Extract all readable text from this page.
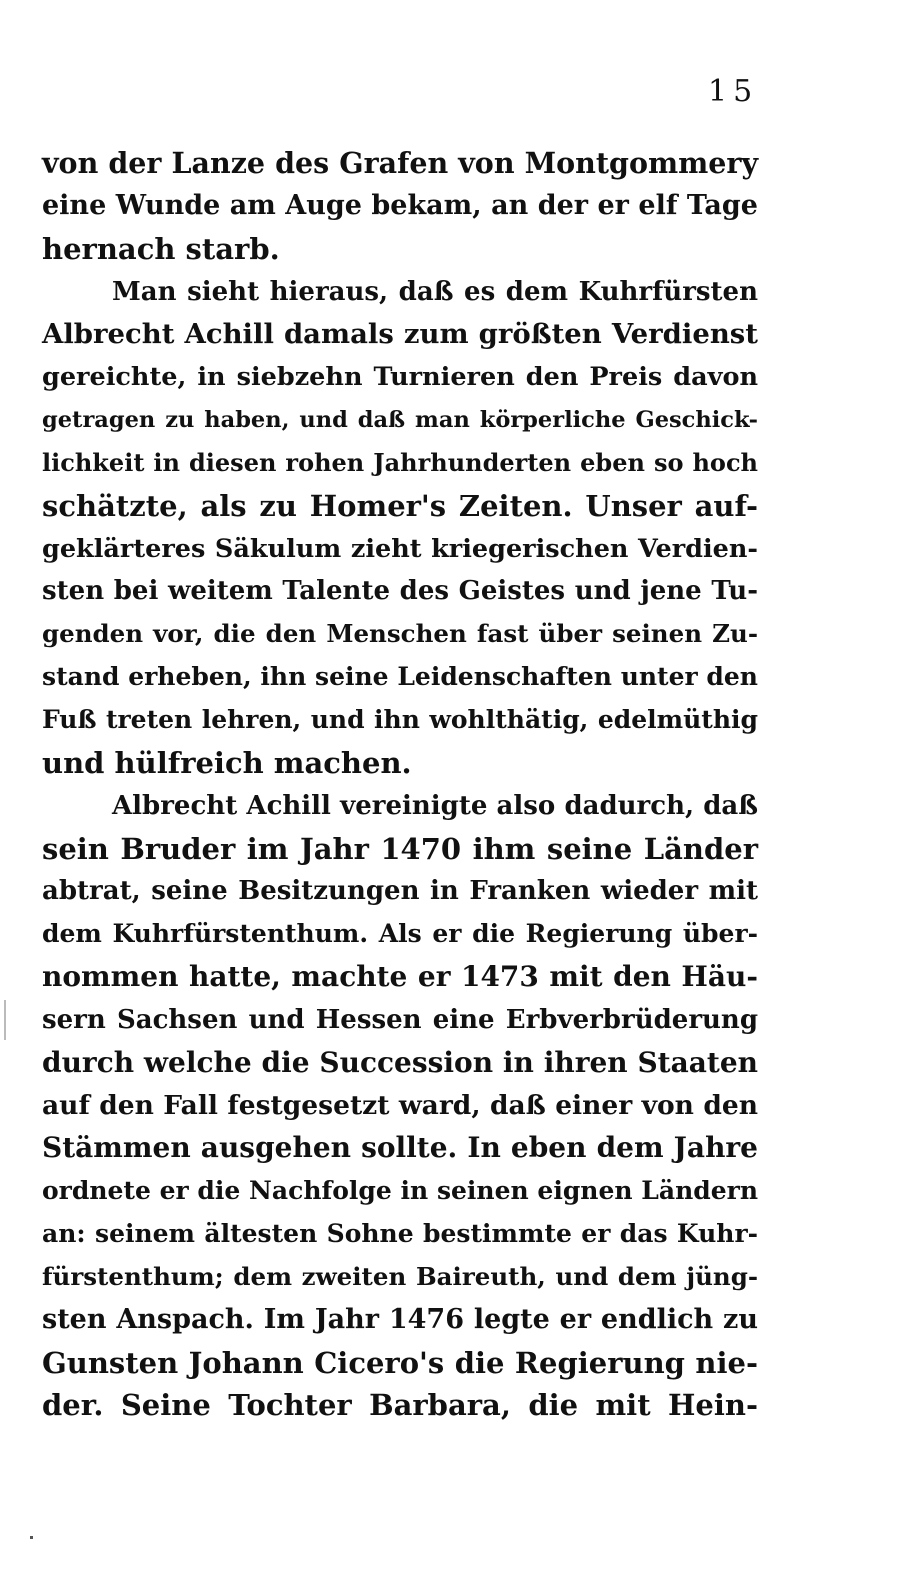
15
von der Lanze des Grafen von Montgommery
eine Wunde am Auge bekam, an der er elf Tage
hernach starb.
Man sieht hieraus, daß es dem Kuhrfürsten
Albrecht Achill damals zum größten Verdienst
gereichte, in siebzehn Turnieren den Preis davon
getragen zu haben, und daß man körperliche Geschick-
lichkeit in diesen rohen Jahrhunderten eben so hoch
schätzte, als zu Homer's Zeiten. Unser auf-
geklärteres Säkulum zieht kriegerischen Verdien-
sten bei weitem Talente des Geistes und jene Tu-
genden vor, die den Menschen fast über seinen Zu-
stand erheben, ihn seine Leidenschaften unter den
Fuß treten lehren, und ihn wohlthätig, edelmüthig
und hülfreich machen.
Albrecht Achill vereinigte also dadurch, daß
sein Bruder im Jahr 1470 ihm seine Länder
abtrat, seine Besitzungen in Franken wieder mit
dem Kuhrfürstenthum. Als er die Regierung über-
nommen hatte, machte er 1473 mit den Häu-
sern Sachsen und Hessen eine Erbverbrüderung
durch welche die Succession in ihren Staaten
auf den Fall festgesetzt ward, daß einer von den
Stämmen ausgehen sollte. In eben dem Jahre
ordnete er die Nachfolge in seinen eignen Ländern
an: seinem ältesten Sohne bestimmte er das Kuhr-
fürstenthum; dem zweiten Baireuth, und dem jüng-
sten Anspach. Im Jahr 1476 legte er endlich zu
Gunsten Johann Cicero's die Regierung nie-
der. Seine Tochter Barbara, die mit Hein-
